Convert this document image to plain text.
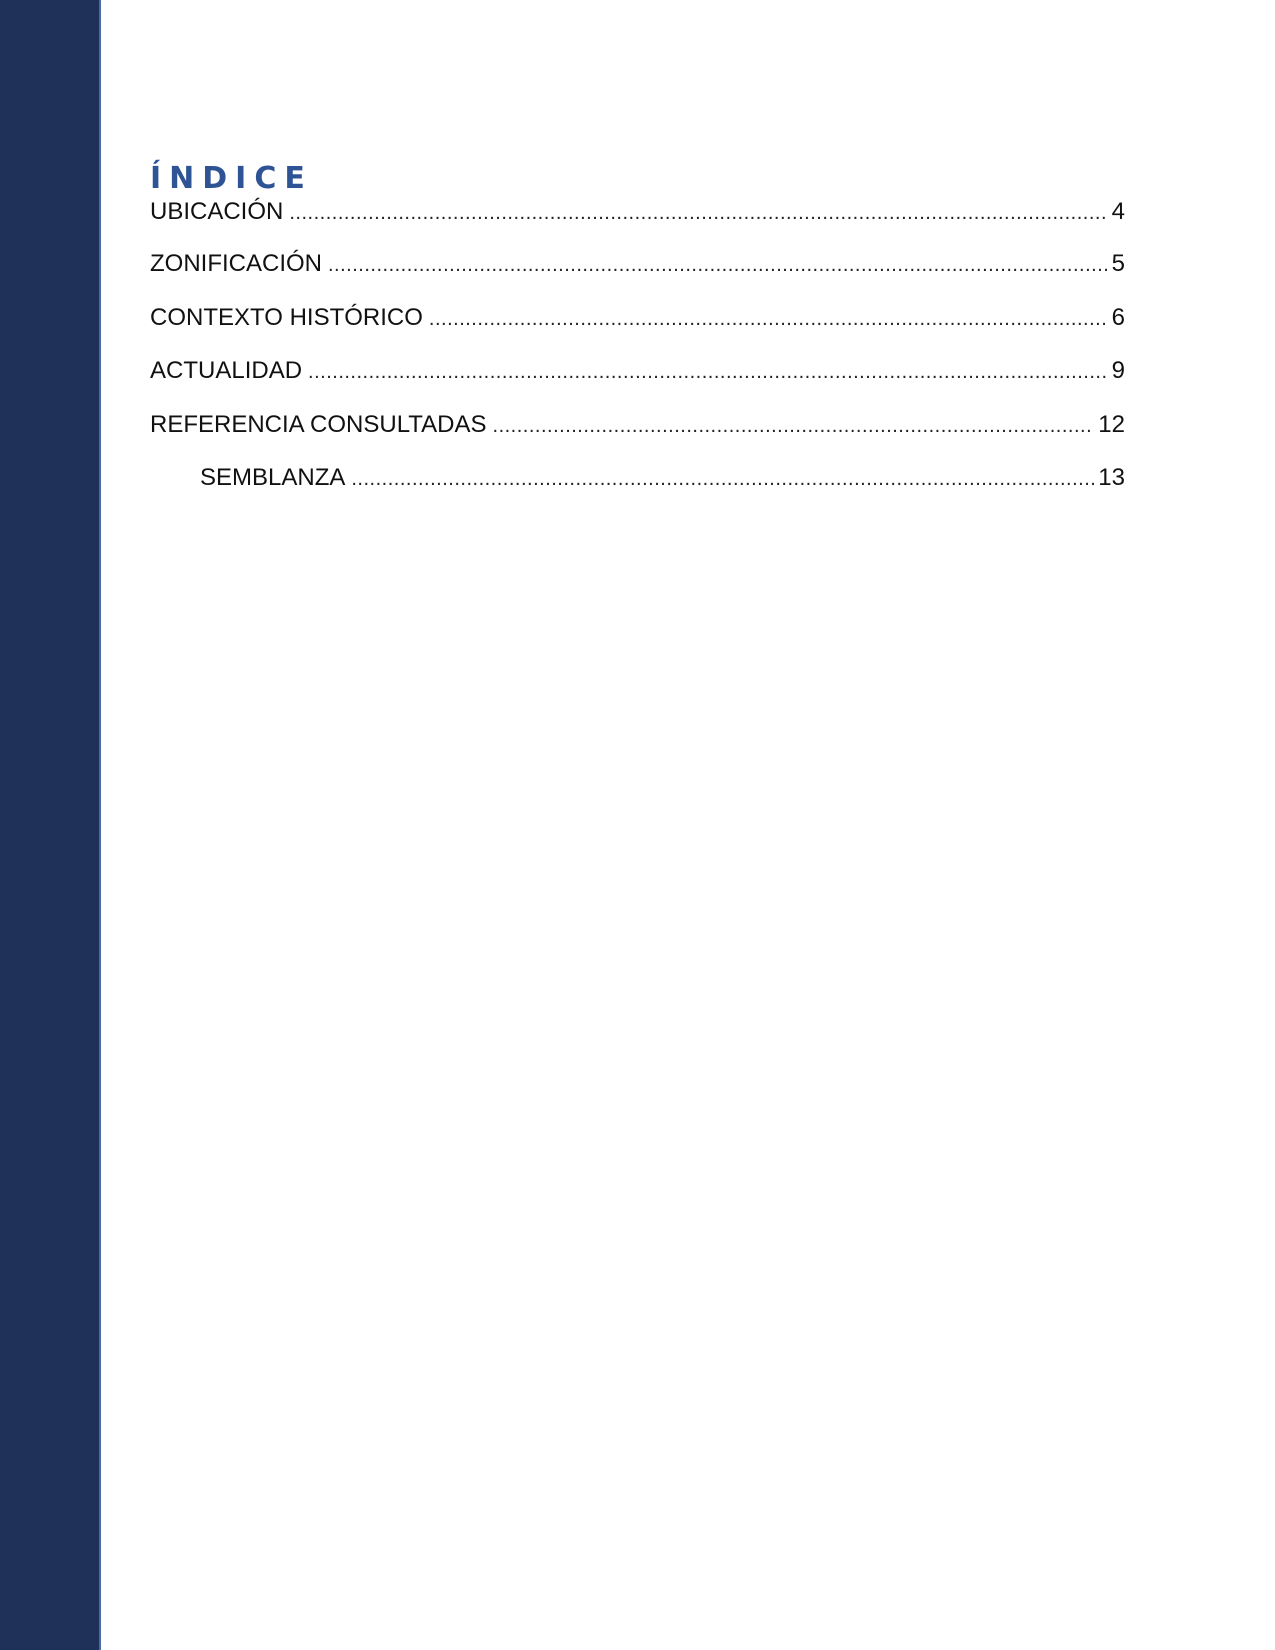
ÍNDICE
UBICACIÓN .....	4
ZONIFICACIÓN .....	5
CONTEXTO HISTÓRICO .....	6
ACTUALIDAD .....	9
REFERENCIA CONSULTADAS .....	12
SEMBLANZA .....	13
